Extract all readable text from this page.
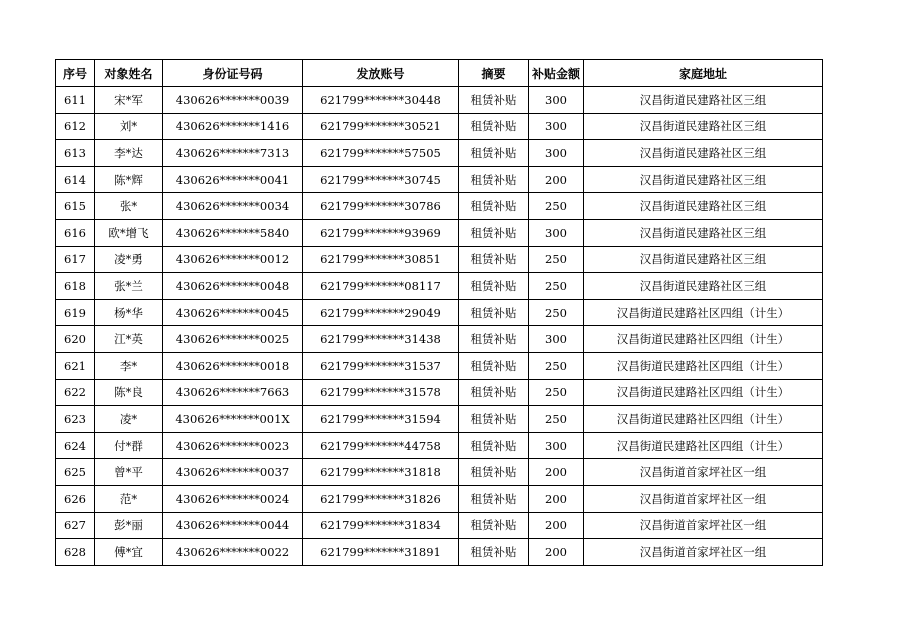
序号	对象姓名	身份证号码	发放账号	摘要	补贴金额	家庭地址
611	宋*军	430626*******0039	621799*******30448	租赁补贴	300	汉昌街道民建路社区三组
612	刘*	430626*******1416	621799*******30521	租赁补贴	300	汉昌街道民建路社区三组
613	李*达	430626*******7313	621799*******57505	租赁补贴	300	汉昌街道民建路社区三组
614	陈*辉	430626*******0041	621799*******30745	租赁补贴	200	汉昌街道民建路社区三组
615	张*	430626*******0034	621799*******30786	租赁补贴	250	汉昌街道民建路社区三组
616	欧*增飞	430626*******5840	621799*******93969	租赁补贴	300	汉昌街道民建路社区三组
617	凌*勇	430626*******0012	621799*******30851	租赁补贴	250	汉昌街道民建路社区三组
618	张*兰	430626*******0048	621799*******08117	租赁补贴	250	汉昌街道民建路社区三组
619	杨*华	430626*******0045	621799*******29049	租赁补贴	250	汉昌街道民建路社区四组（计生）
620	江*英	430626*******0025	621799*******31438	租赁补贴	300	汉昌街道民建路社区四组（计生）
621	李*	430626*******0018	621799*******31537	租赁补贴	250	汉昌街道民建路社区四组（计生）
622	陈*良	430626*******7663	621799*******31578	租赁补贴	250	汉昌街道民建路社区四组（计生）
623	凌*	430626*******001X	621799*******31594	租赁补贴	250	汉昌街道民建路社区四组（计生）
624	付*群	430626*******0023	621799*******44758	租赁补贴	300	汉昌街道民建路社区四组（计生）
625	曾*平	430626*******0037	621799*******31818	租赁补贴	200	汉昌街道首家坪社区一组
626	范*	430626*******0024	621799*******31826	租赁补贴	200	汉昌街道首家坪社区一组
627	彭*丽	430626*******0044	621799*******31834	租赁补贴	200	汉昌街道首家坪社区一组
628	傅*宜	430626*******0022	621799*******31891	租赁补贴	200	汉昌街道首家坪社区一组
